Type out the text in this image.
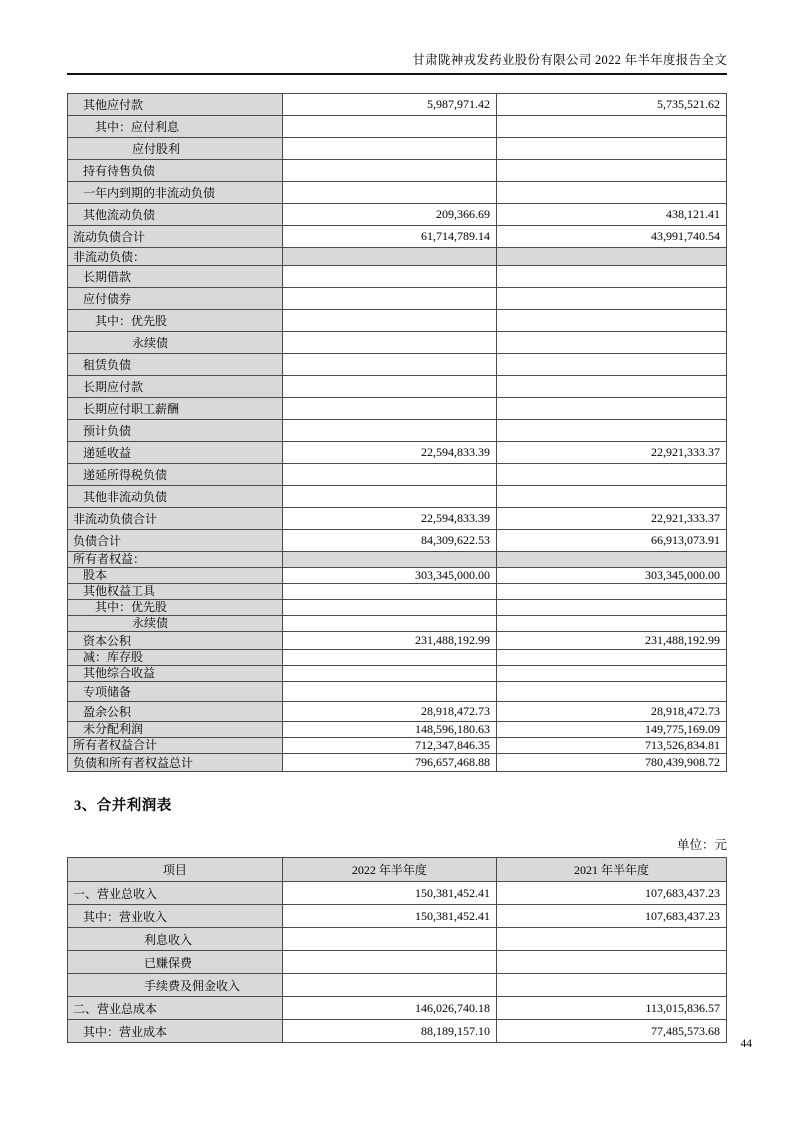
甘肃陇神戎发药业股份有限公司 2022 年半年度报告全文
其他应付款	5,987,971.42	5,735,521.62
其中：应付利息		
应付股利		
持有待售负债		
一年内到期的非流动负债		
其他流动负债	209,366.69	438,121.41
流动负债合计	61,714,789.14	43,991,740.54
非流动负债：		
长期借款		
应付债券		
其中：优先股		
永续债		
租赁负债		
长期应付款		
长期应付职工薪酬		
预计负债		
递延收益	22,594,833.39	22,921,333.37
递延所得税负债		
其他非流动负债		
非流动负债合计	22,594,833.39	22,921,333.37
负债合计	84,309,622.53	66,913,073.91
所有者权益：		
股本	303,345,000.00	303,345,000.00
其他权益工具		
其中：优先股		
永续债		
资本公积	231,488,192.99	231,488,192.99
减：库存股		
其他综合收益		
专项储备		
盈余公积	28,918,472.73	28,918,472.73
未分配利润	148,596,180.63	149,775,169.09
所有者权益合计	712,347,846.35	713,526,834.81
负债和所有者权益总计	796,657,468.88	780,439,908.72
3、合并利润表
单位：元
项目	2022 年半年度	2021 年半年度
一、营业总收入	150,381,452.41	107,683,437.23
其中：营业收入	150,381,452.41	107,683,437.23
利息收入		
已赚保费		
手续费及佣金收入		
二、营业总成本	146,026,740.18	113,015,836.57
其中：营业成本	88,189,157.10	77,485,573.68
44
